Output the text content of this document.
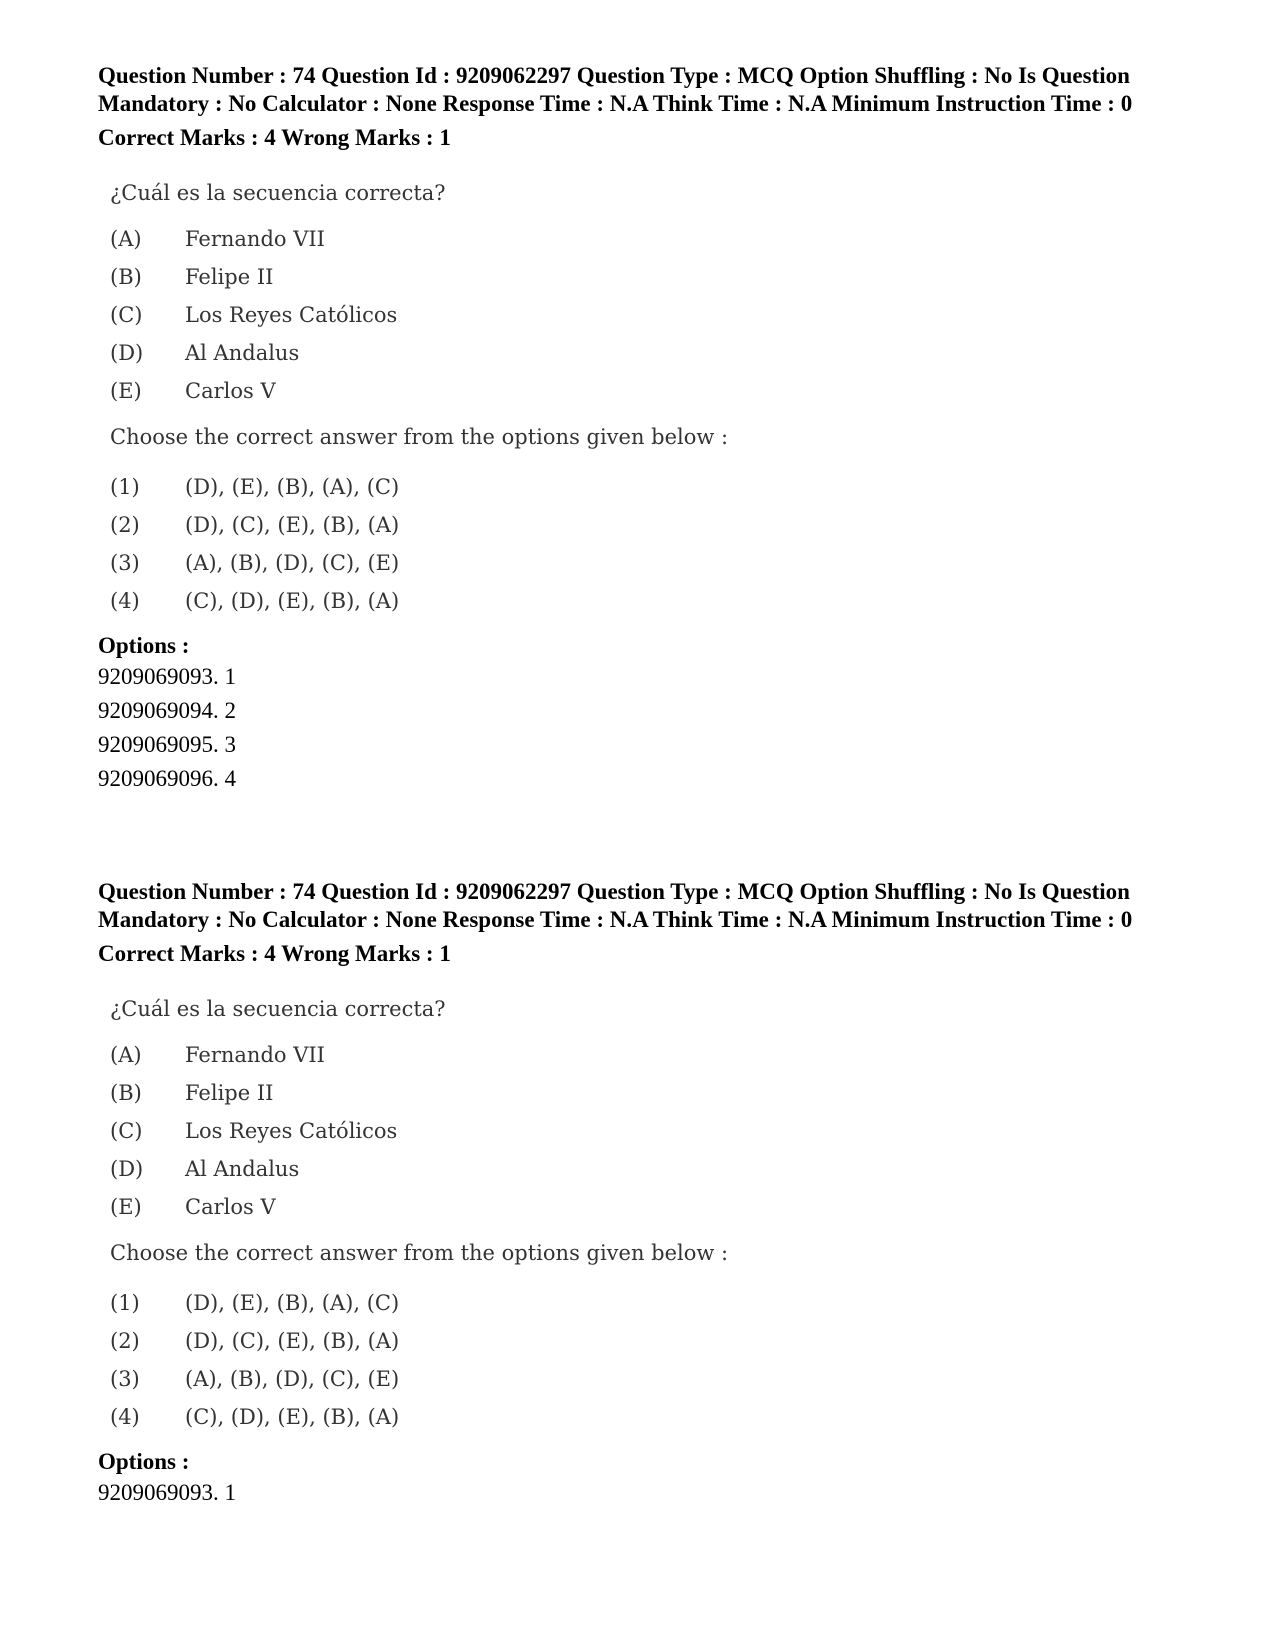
Question Number : 74 Question Id : 9209062297 Question Type : MCQ Option Shuffling : No Is Question Mandatory : No Calculator : None Response Time : N.A Think Time : N.A Minimum Instruction Time : 0

Correct Marks : 4 Wrong Marks : 1
¿Cuál es la secuencia correcta?
(A)	Fernando VII
(B)	Felipe II
(C)	Los Reyes Católicos
(D)	Al Andalus
(E)	Carlos V
Choose the correct answer from the options given below :
(1)	(D), (E), (B), (A), (C)
(2)	(D), (C), (E), (B), (A)
(3)	(A), (B), (D), (C), (E)
(4)	(C), (D), (E), (B), (A)
Options :
9209069093. 1
9209069094. 2
9209069095. 3
9209069096. 4

Question Number : 74 Question Id : 9209062297 Question Type : MCQ Option Shuffling : No Is Question Mandatory : No Calculator : None Response Time : N.A Think Time : N.A Minimum Instruction Time : 0

Correct Marks : 4 Wrong Marks : 1
¿Cuál es la secuencia correcta?
(A)	Fernando VII
(B)	Felipe II
(C)	Los Reyes Católicos
(D)	Al Andalus
(E)	Carlos V
Choose the correct answer from the options given below :
(1)	(D), (E), (B), (A), (C)
(2)	(D), (C), (E), (B), (A)
(3)	(A), (B), (D), (C), (E)
(4)	(C), (D), (E), (B), (A)
Options :
9209069093. 1
